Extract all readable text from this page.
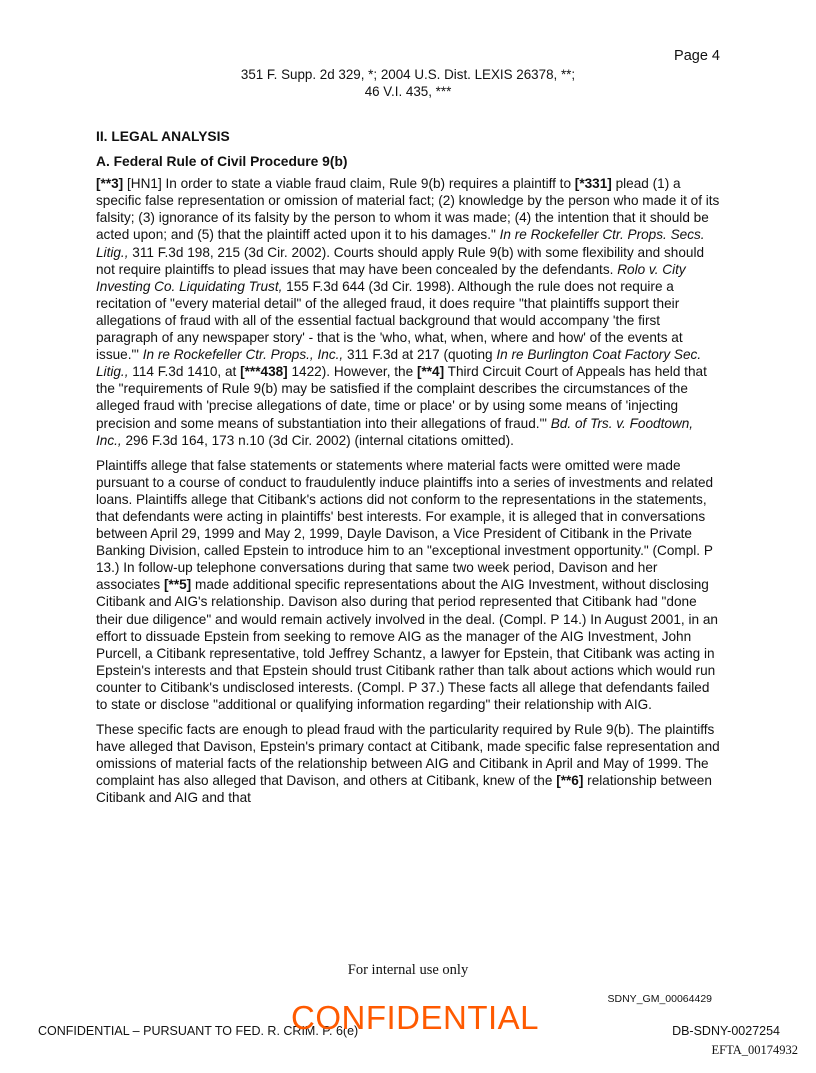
Page 4
351 F. Supp. 2d 329, *; 2004 U.S. Dist. LEXIS 26378, **;
46 V.I. 435, ***
II. LEGAL ANALYSIS
A. Federal Rule of Civil Procedure 9(b)

[**3] [HN1] In order to state a viable fraud claim, Rule 9(b) requires a plaintiff to [*331] plead (1) a specific false representation or omission of material fact; (2) knowledge by the person who made it of its falsity; (3) ignorance of its falsity by the person to whom it was made; (4) the intention that it should be acted upon; and (5) that the plaintiff acted upon it to his damages." In re Rockefeller Ctr. Props. Secs. Litig., 311 F.3d 198, 215 (3d Cir. 2002). Courts should apply Rule 9(b) with some flexibility and should not require plaintiffs to plead issues that may have been concealed by the defendants. Rolo v. City Investing Co. Liquidating Trust, 155 F.3d 644 (3d Cir. 1998). Although the rule does not require a recitation of "every material detail" of the alleged fraud, it does require "that plaintiffs support their allegations of fraud with all of the essential factual background that would accompany 'the first paragraph of any newspaper story' - that is the 'who, what, when, where and how' of the events at issue."' In re Rockefeller Ctr. Props., Inc., 311 F.3d at 217 (quoting In re Burlington Coat Factory Sec. Litig., 114 F.3d 1410, at [***438] 1422). However, the [**4] Third Circuit Court of Appeals has held that the "requirements of Rule 9(b) may be satisfied if the complaint describes the circumstances of the alleged fraud with 'precise allegations of date, time or place' or by using some means of 'injecting precision and some means of substantiation into their allegations of fraud."' Bd. of Trs. v. Foodtown, Inc., 296 F.3d 164, 173 n.10 (3d Cir. 2002) (internal citations omitted).

Plaintiffs allege that false statements or statements where material facts were omitted were made pursuant to a course of conduct to fraudulently induce plaintiffs into a series of investments and related loans. Plaintiffs allege that Citibank's actions did not conform to the representations in the statements, that defendants were acting in plaintiffs' best interests. For example, it is alleged that in conversations between April 29, 1999 and May 2, 1999, Dayle Davison, a Vice President of Citibank in the Private Banking Division, called Epstein to introduce him to an "exceptional investment opportunity." (Compl. P 13.) In follow-up telephone conversations during that same two week period, Davison and her associates [**5] made additional specific representations about the AIG Investment, without disclosing Citibank and AIG's relationship. Davison also during that period represented that Citibank had "done their due diligence" and would remain actively involved in the deal. (Compl. P 14.) In August 2001, in an effort to dissuade Epstein from seeking to remove AIG as the manager of the AIG Investment, John Purcell, a Citibank representative, told Jeffrey Schantz, a lawyer for Epstein, that Citibank was acting in Epstein's interests and that Epstein should trust Citibank rather than talk about actions which would run counter to Citibank's undisclosed interests. (Compl. P 37.) These facts all allege that defendants failed to state or disclose "additional or qualifying information regarding" their relationship with AIG.

These specific facts are enough to plead fraud with the particularity required by Rule 9(b). The plaintiffs have alleged that Davison, Epstein's primary contact at Citibank, made specific false representation and omissions of material facts of the relationship between AIG and Citibank in April and May of 1999. The complaint has also alleged that Davison, and others at Citibank, knew of the [**6] relationship between Citibank and AIG and that

For internal use only
SDNY_GM_00064429
CONFIDENTIAL – PURSUANT TO FED. R. CRIM. P. 6(e)
CONFIDENTIAL	DB-SDNY-0027254
EFTA_00174932
